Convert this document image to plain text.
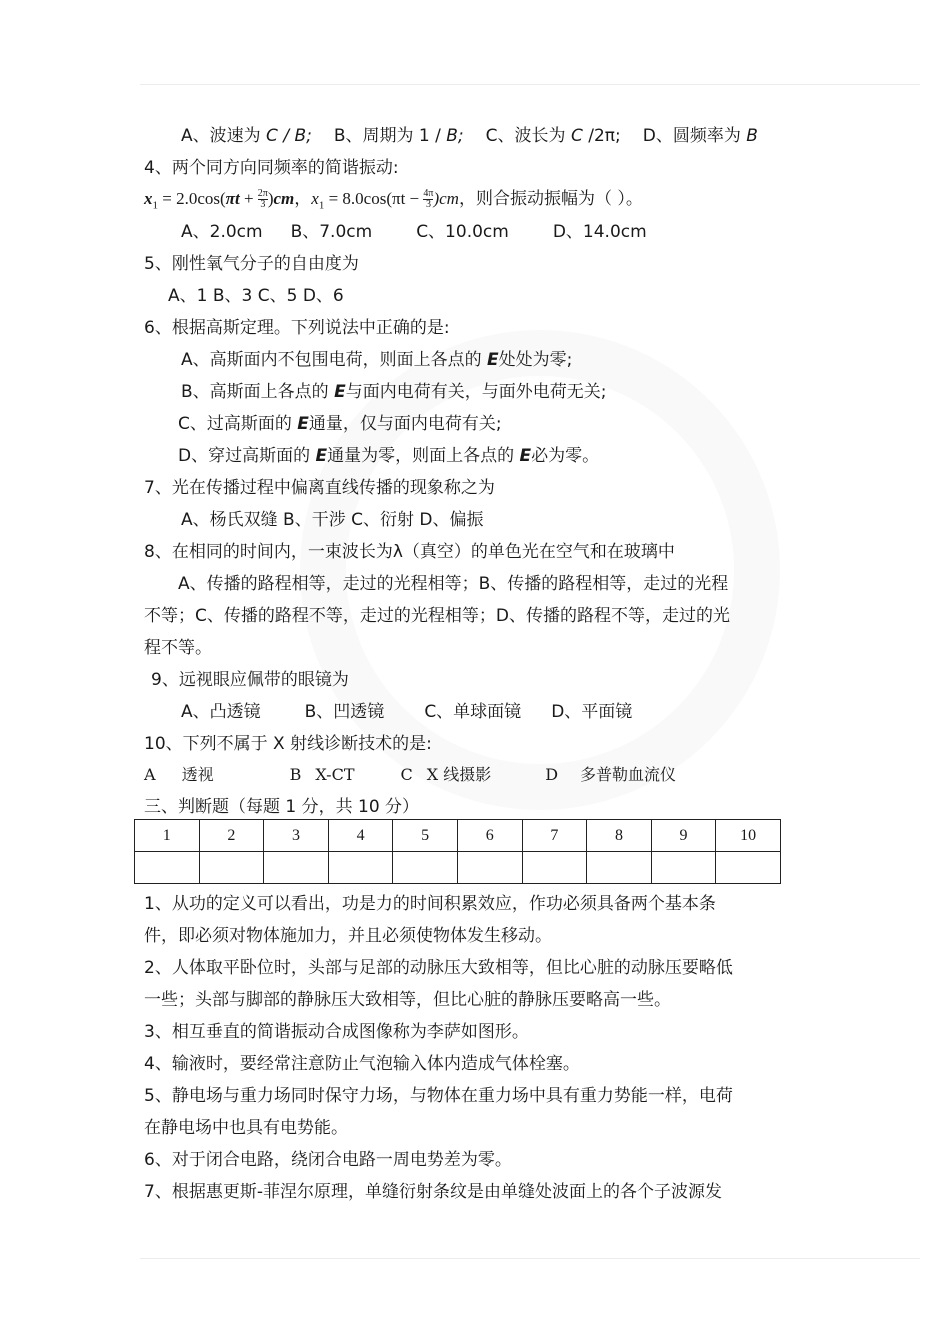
A、波速为 C / B; B、周期为 1 / B; C、波长为 C /2π; D、圆频率为 B
4、两个同方向同频率的简谐振动:
$x_1 = 2.0\cos(\pi t + \frac{2\pi}{3} )cm$，$x_1 = 8.0\cos(\pi t - \frac{4\pi}{3} )cm$，则合振动振幅为（ ）。
A、2.0cm B、7.0cm	C、10.0cm	D、14.0cm
5、刚性氧气分子的自由度为
A、1 B、3 C、5 D、6
6、根据高斯定理。下列说法中正确的是:
A、高斯面内不包围电荷，则面上各点的 E处处为零;
B、高斯面上各点的 E与面内电荷有关，与面外电荷无关;
C、过高斯面的 E通量，仅与面内电荷有关;
D、穿过高斯面的 E通量为零，则面上各点的 E必为零。
7、光在传播过程中偏离直线传播的现象称之为
A、杨氏双缝 B、干涉 C、衍射 D、偏振
8、在相同的时间内，一束波长为λ（真空）的单色光在空气和在玻璃中
A、传播的路程相等，走过的光程相等；B、传播的路程相等，走过的光程
不等；C、传播的路程不等，走过的光程相等；D、传播的路程不等，走过的光
程不等。
9、远视眼应佩带的眼镜为
A、凸透镜	B、凹透镜 C、单球面镜 D、平面镜
10、下列不属于 X 射线诊断技术的是:
A 透视	B X-CT	C X 线摄影	D 多普勒血流仪
三、判断题（每题 1 分，共 10 分）
1	2	3	4	5	6	7	8	9	10

1、从功的定义可以看出，功是力的时间积累效应，作功必须具备两个基本条
件，即必须对物体施加力，并且必须使物体发生移动。
2、人体取平卧位时，头部与足部的动脉压大致相等，但比心脏的动脉压要略低
一些；头部与脚部的静脉压大致相等，但比心脏的静脉压要略高一些。
3、相互垂直的简谐振动合成图像称为李萨如图形。
4、输液时，要经常注意防止气泡输入体内造成气体栓塞。
5、静电场与重力场同时保守力场，与物体在重力场中具有重力势能一样，电荷
在静电场中也具有电势能。
6、对于闭合电路，绕闭合电路一周电势差为零。
7、根据惠更斯-菲涅尔原理，单缝衍射条纹是由单缝处波面上的各个子波源发
